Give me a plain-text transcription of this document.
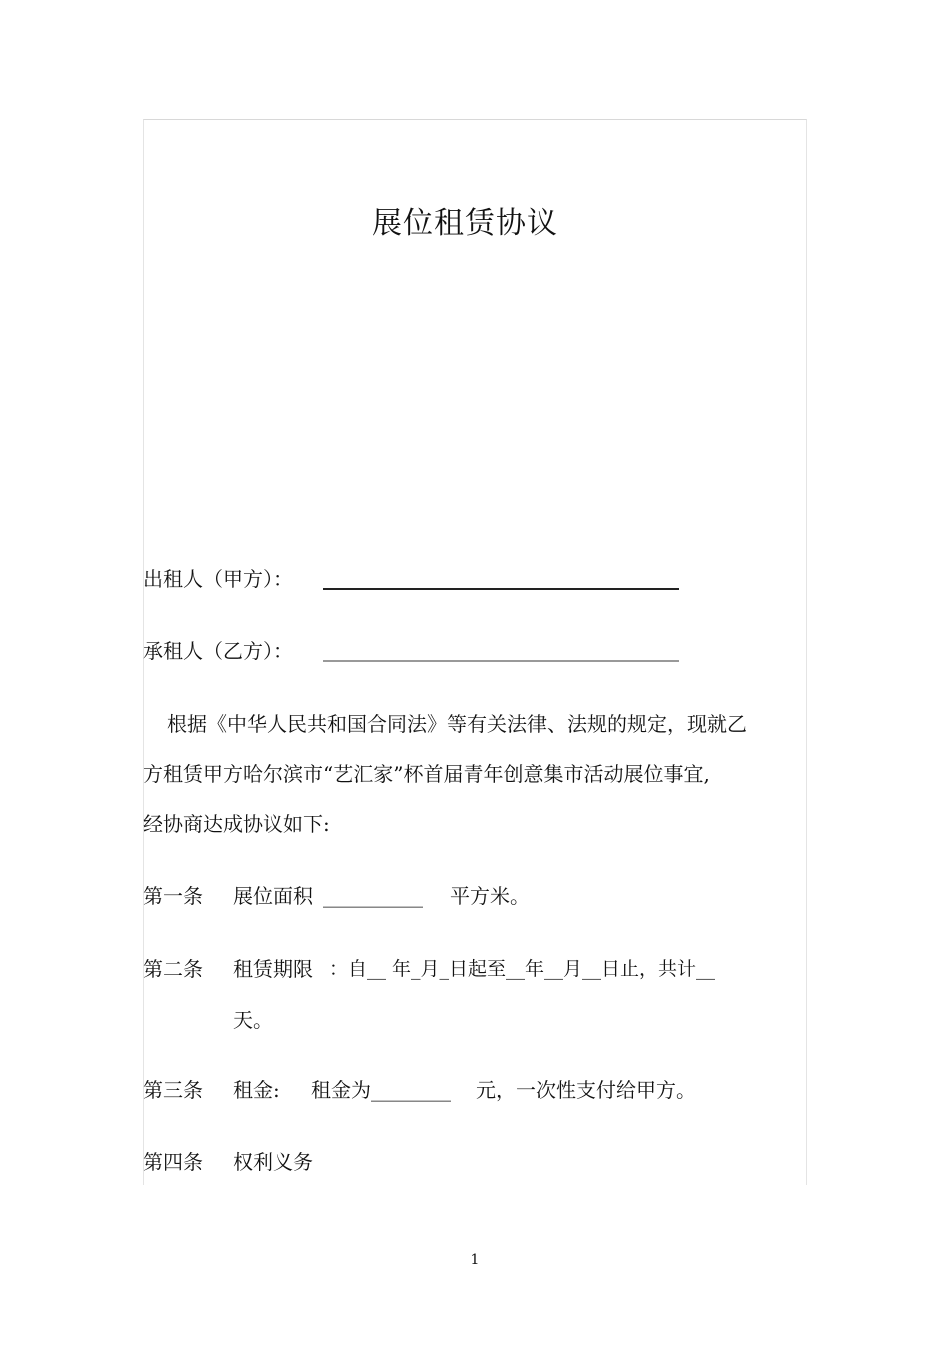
展位租赁协议
出租人（甲方）：
承租人（乙方）：
根据《中华人民共和国合同法》等有关法律、法规的规定，现就乙
方租赁甲方哈尔滨市“艺汇家”杯首届青年创意集市活动展位事宜,
经协商达成协议如下:
第一条 展位面积 __________ 平方米。
第二条 租赁期限 ：自__ 年_月_日起至__年__月__日止，共计__
天。
第三条 租金: 租金为________ 元，一次性支付给甲方。
第四条 权利义务
1
